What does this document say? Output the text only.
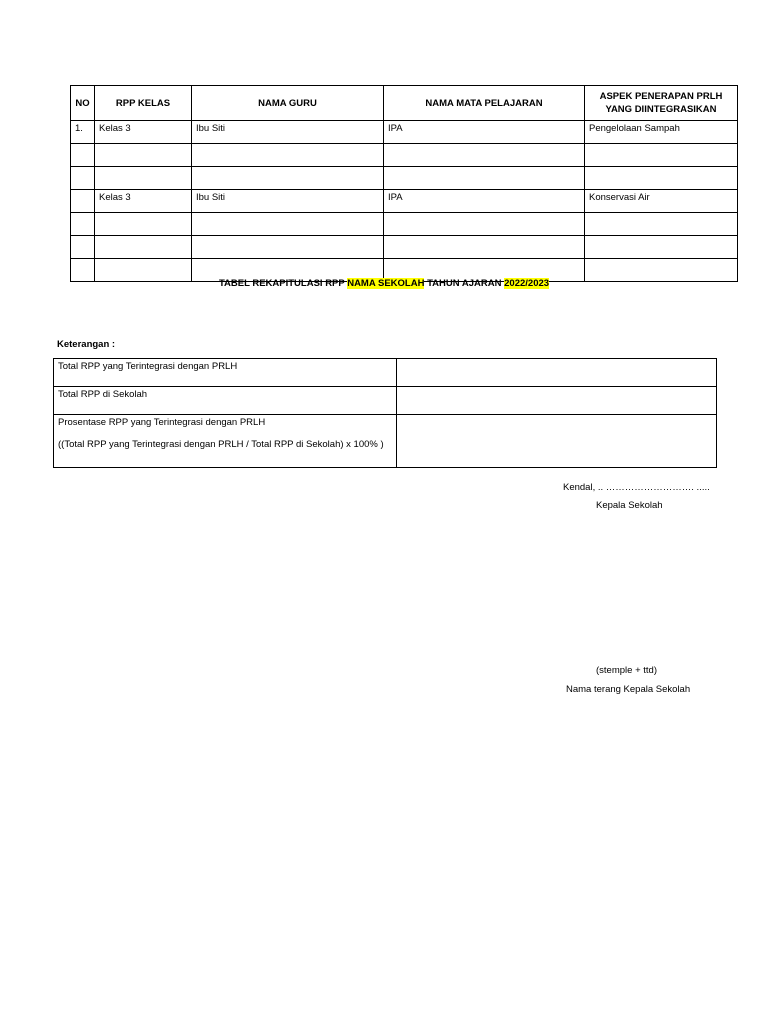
NO	RPP KELAS	NAMA GURU	NAMA MATA PELAJARAN	ASPEK PENERAPAN PRLH YANG DIINTEGRASIKAN
1.	Kelas 3	Ibu Siti	IPA	Pengelolaan Sampah

	Kelas 3	Ibu Siti	IPA	Konservasi Air

TABEL REKAPITULASI RPP NAMA SEKOLAH TAHUN AJARAN 2022/2023
Keterangan :
Total RPP yang Terintegrasi dengan PRLH	
Total RPP di Sekolah	
Prosentase RPP yang Terintegrasi dengan PRLH
((Total RPP yang Terintegrasi dengan PRLH / Total RPP di Sekolah) x 100% )	

Kendal, .. ………………………. .....
Kepala Sekolah
(stemple + ttd)
Nama terang Kepala Sekolah
